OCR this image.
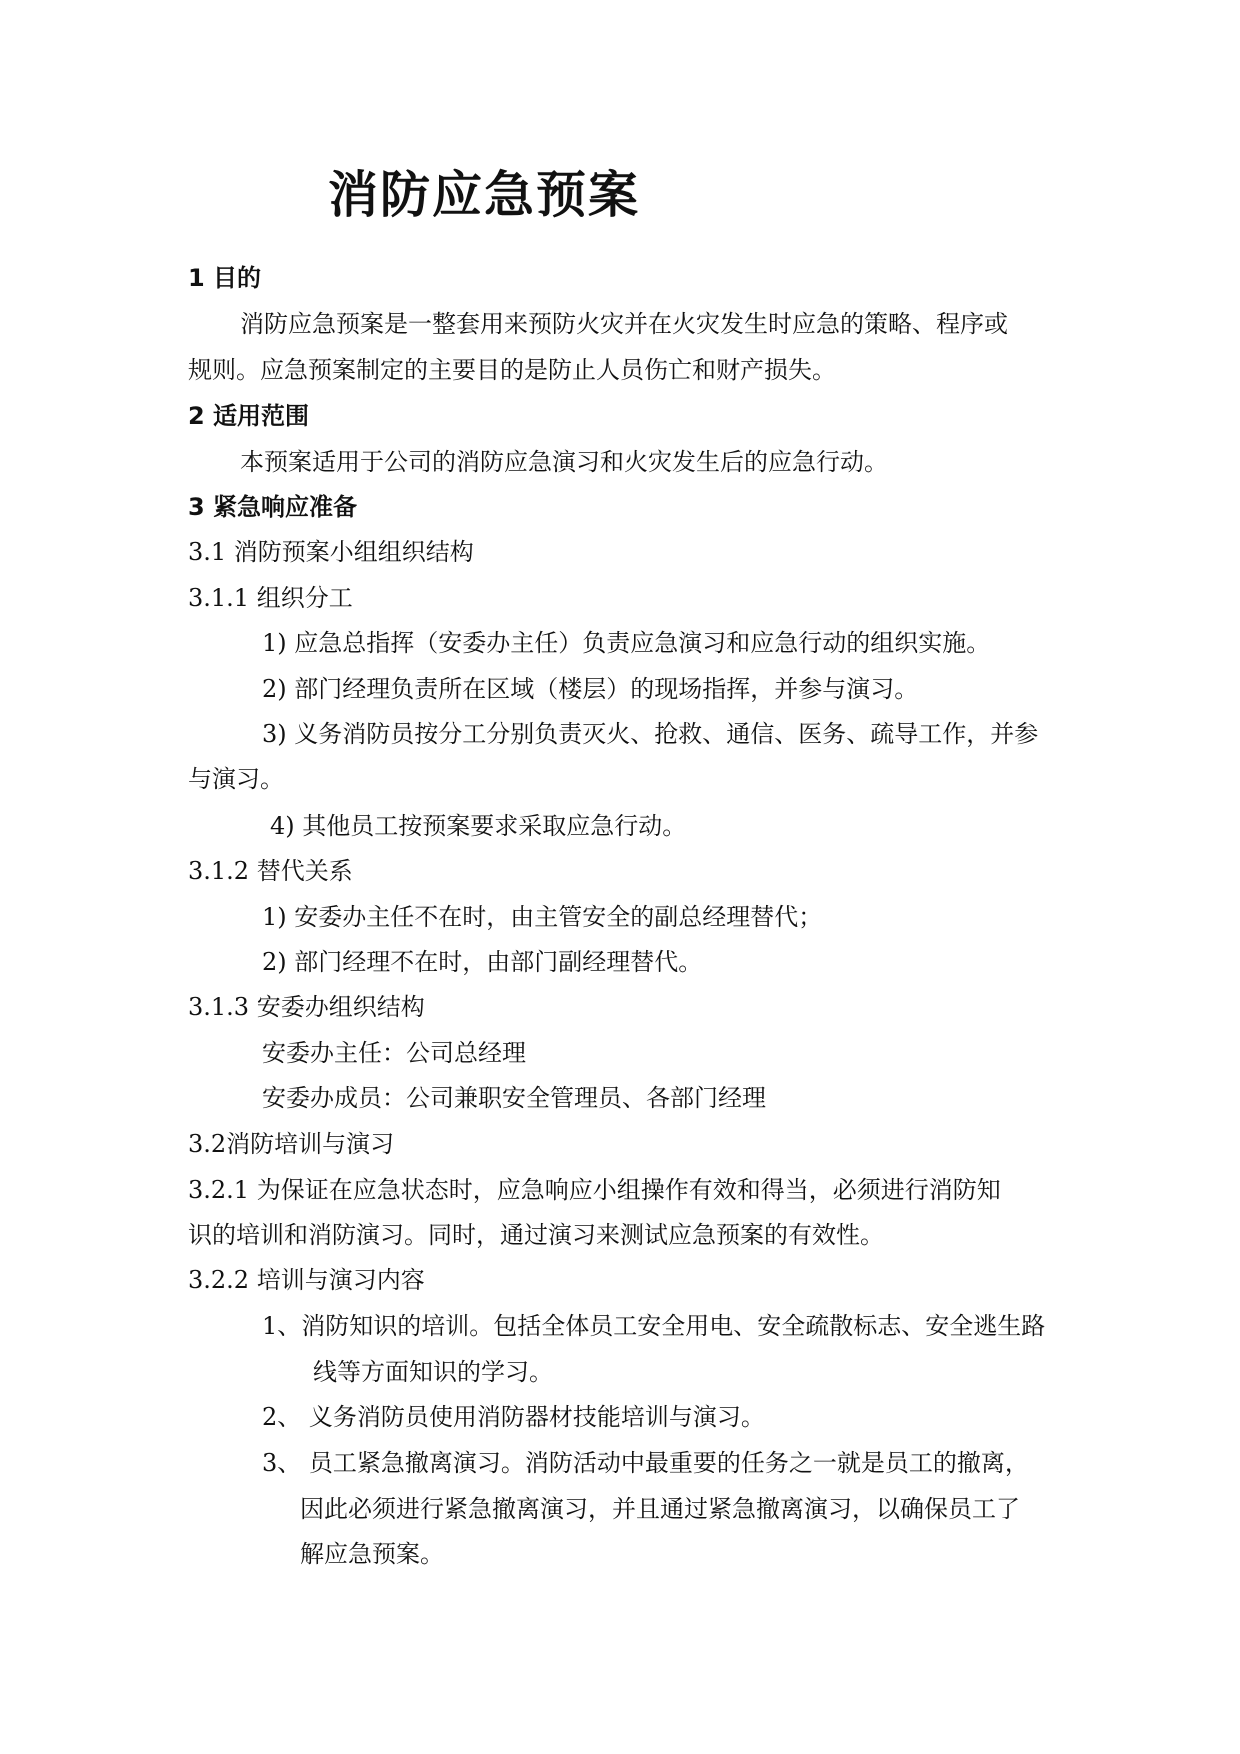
消防应急预案
1 目的
消防应急预案是一整套用来预防火灾并在火灾发生时应急的策略、程序或
规则。应急预案制定的主要目的是防止人员伤亡和财产损失。
2 适用范围
本预案适用于公司的消防应急演习和火灾发生后的应急行动。
3 紧急响应准备
3.1 消防预案小组组织结构
3.1.1 组织分工
1) 应急总指挥（安委办主任）负责应急演习和应急行动的组织实施。
2) 部门经理负责所在区域（楼层）的现场指挥，并参与演习。
3) 义务消防员按分工分别负责灭火、抢救、通信、医务、疏导工作，并参
与演习。
4) 其他员工按预案要求采取应急行动。
3.1.2 替代关系
1) 安委办主任不在时，由主管安全的副总经理替代；
2) 部门经理不在时，由部门副经理替代。
3.1.3 安委办组织结构
安委办主任：公司总经理
安委办成员：公司兼职安全管理员、各部门经理
3.2消防培训与演习
3.2.1 为保证在应急状态时，应急响应小组操作有效和得当，必须进行消防知
识的培训和消防演习。同时，通过演习来测试应急预案的有效性。
3.2.2 培训与演习内容
1、消防知识的培训。包括全体员工安全用电、安全疏散标志、安全逃生路
线等方面知识的学习。
2、 义务消防员使用消防器材技能培训与演习。
3、 员工紧急撤离演习。消防活动中最重要的任务之一就是员工的撤离，
因此必须进行紧急撤离演习，并且通过紧急撤离演习，以确保员工了
解应急预案。
